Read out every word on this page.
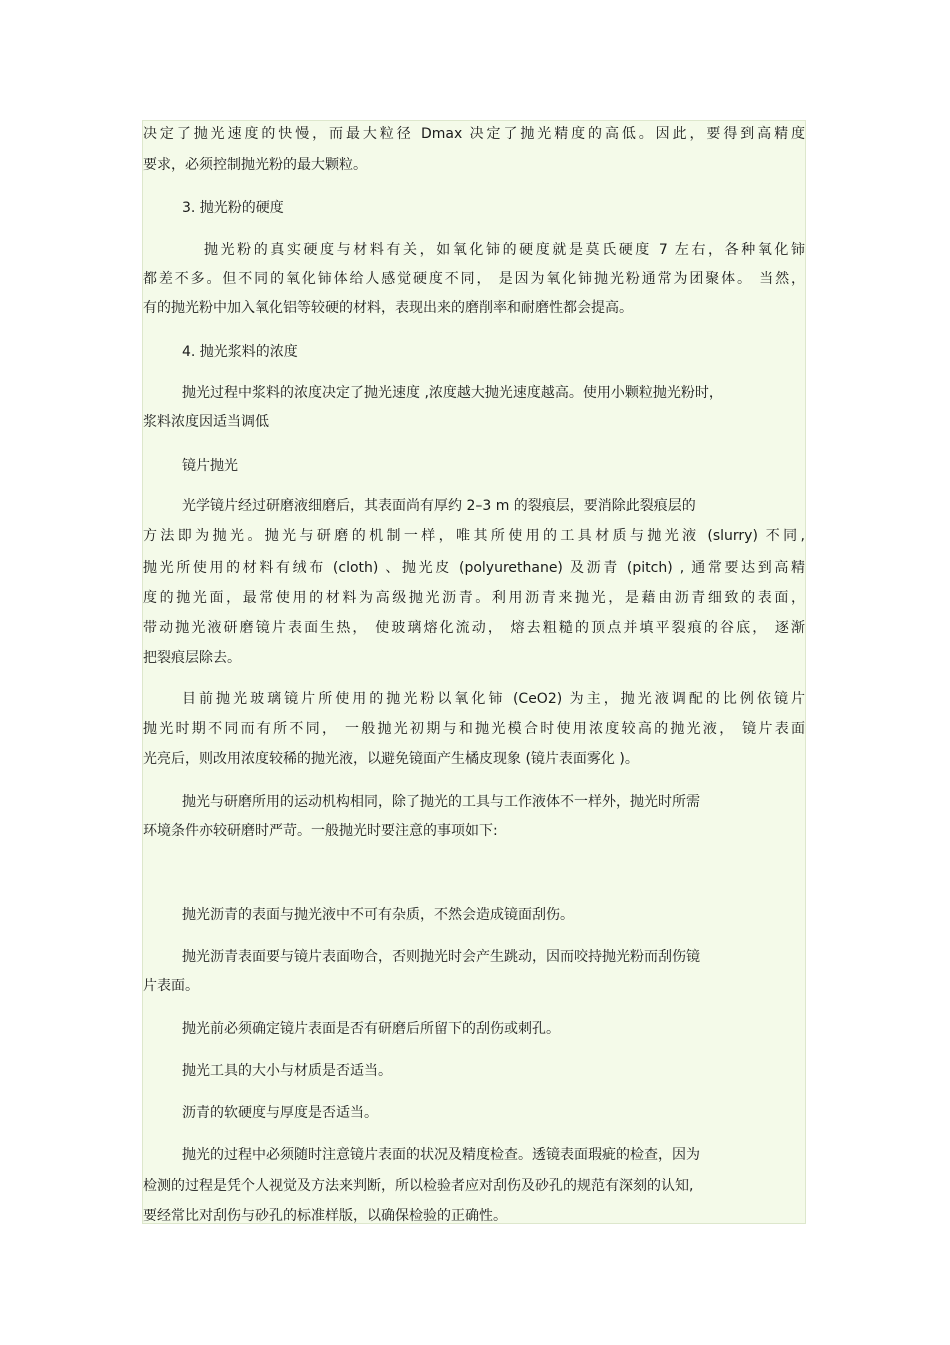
决定了抛光速度的快慢，而最大粒径 Dmax 决定了抛光精度的高低。因此，要得到高精度

要求，必须控制抛光粉的最大颗粒。

3. 抛光粉的硬度

抛光粉的真实硬度与材料有关，如氧化铈的硬度就是莫氏硬度 7 左右，各种氧化铈

都差不多。但不同的氧化铈体给人感觉硬度不同， 是因为氧化铈抛光粉通常为团聚体。 当然，

有的抛光粉中加入氧化铝等较硬的材料，表现出来的磨削率和耐磨性都会提高。

4. 抛光浆料的浓度

抛光过程中浆料的浓度决定了抛光速度 ,浓度越大抛光速度越高。使用小颗粒抛光粉时，

浆料浓度因适当调低

镜片抛光

光学镜片经过研磨液细磨后，其表面尚有厚约 2–3 m 的裂痕层，要消除此裂痕层的

方法即为抛光。抛光与研磨的机制一样，唯其所使用的工具材质与抛光液 (slurry) 不同,

抛光所使用的材料有绒布 (cloth) 、抛光皮 (polyurethane) 及沥青 (pitch) , 通常要达到高精

度的抛光面，最常使用的材料为高级抛光沥青。利用沥青来抛光，是藉由沥青细致的表面，

带动抛光液研磨镜片表面生热， 使玻璃熔化流动， 熔去粗糙的顶点并填平裂痕的谷底， 逐渐

把裂痕层除去。

目前抛光玻璃镜片所使用的抛光粉以氧化铈 (CeO2) 为主，抛光液调配的比例依镜片

抛光时期不同而有所不同， 一般抛光初期与和抛光模合时使用浓度较高的抛光液， 镜片表面

光亮后，则改用浓度较稀的抛光液，以避免镜面产生橘皮现象 (镜片表面雾化 )。

抛光与研磨所用的运动机构相同，除了抛光的工具与工作液体不一样外，抛光时所需

环境条件亦较研磨时严苛。一般抛光时要注意的事项如下:

抛光沥青的表面与抛光液中不可有杂质，不然会造成镜面刮伤。

抛光沥青表面要与镜片表面吻合，否则抛光时会产生跳动，因而咬持抛光粉而刮伤镜

片表面。

抛光前必须确定镜片表面是否有研磨后所留下的刮伤或刺孔。

抛光工具的大小与材质是否适当。

沥青的软硬度与厚度是否适当。

抛光的过程中必须随时注意镜片表面的状况及精度检查。透镜表面瑕疵的检查，因为

检测的过程是凭个人视觉及方法来判断，所以检验者应对刮伤及砂孔的规范有深刻的认知,

要经常比对刮伤与砂孔的标准样版，以确保检验的正确性。
